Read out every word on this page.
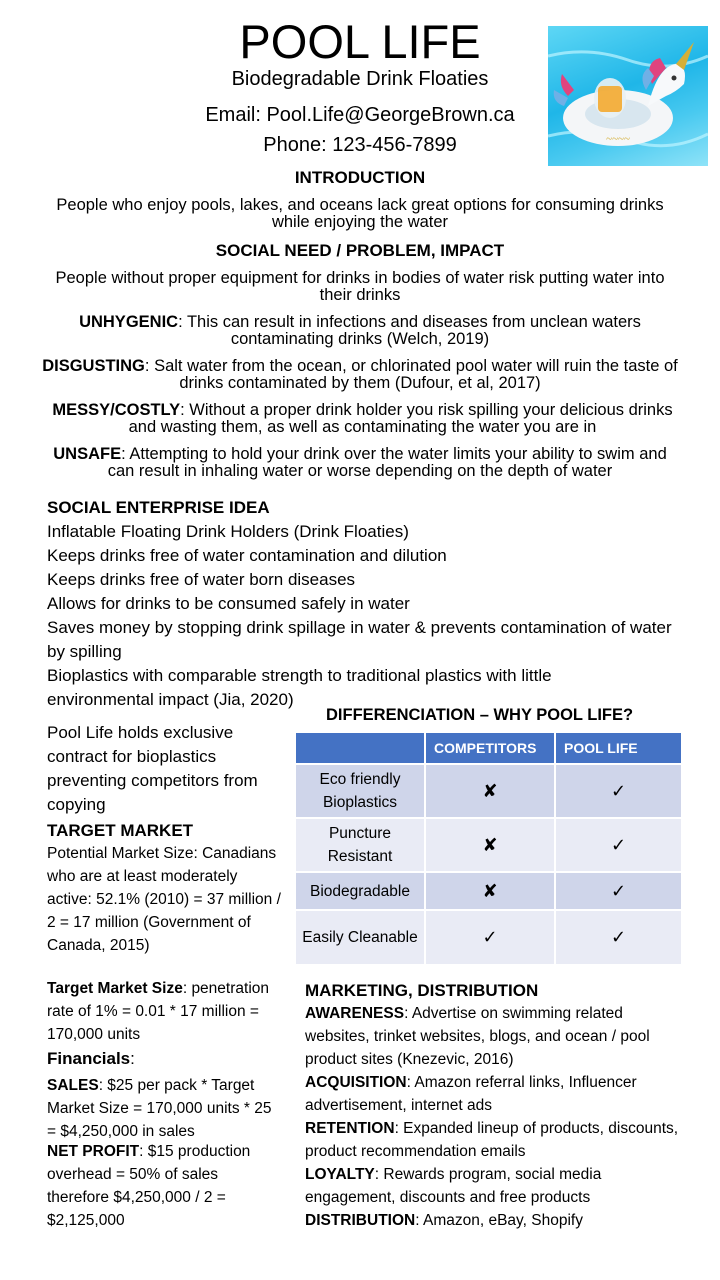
POOL LIFE
Biodegradable Drink Floaties
Email: Pool.Life@GeorgeBrown.ca
Phone: 123-456-7899	~~~~
INTRODUCTION
People who enjoy pools, lakes, and oceans lack great options for consuming drinks while enjoying the water
SOCIAL NEED / PROBLEM, IMPACT
People without proper equipment for drinks in bodies of water risk putting water into their drinks
UNHYGENIC: This can result in infections and diseases from unclean waters contaminating drinks (Welch, 2019)
DISGUSTING: Salt water from the ocean, or chlorinated pool water will ruin the taste of drinks contaminated by them (Dufour, et al, 2017)
MESSY/COSTLY: Without a proper drink holder you risk spilling your delicious drinks and wasting them, as well as contaminating the water you are in
UNSAFE: Attempting to hold your drink over the water limits your ability to swim and can result in inhaling water or worse depending on the depth of water
SOCIAL ENTERPRISE IDEA
Inflatable Floating Drink Holders (Drink Floaties)
Keeps drinks free of water contamination and dilution
Keeps drinks free of water born diseases
Allows for drinks to be consumed safely in water
Saves money by stopping drink spillage in water & prevents contamination of water by spilling
Bioplastics with comparable strength to traditional plastics with little environmental impact (Jia, 2020)
Pool Life holds exclusive contract for bioplastics preventing competitors from copying
TARGET MARKET
Potential Market Size: Canadians who are at least moderately active: 52.1% (2010) = 37 million / 2 = 17 million (Government of Canada, 2015)
Target Market Size: penetration rate of 1% = 0.01 * 17 million = 170,000 units
Financials:
SALES: $25 per pack * Target Market Size = 170,000 units * 25 = $4,250,000 in sales
NET PROFIT: $15 production overhead = 50% of sales therefore $4,250,000 / 2 = $2,125,000
DIFFERENCIATION – WHY POOL LIFE?
	COMPETITORS	POOL LIFE
Eco friendly Bioplastics	✘	✓
Puncture Resistant	✘	✓
Biodegradable	✘	✓
Easily Cleanable	✓	✓
MARKETING, DISTRIBUTION
AWARENESS: Advertise on swimming related websites, trinket websites, blogs, and ocean / pool product sites (Knezevic, 2016)
ACQUISITION: Amazon referral links, Influencer advertisement, internet ads
RETENTION: Expanded lineup of products, discounts, product recommendation emails
LOYALTY: Rewards program, social media engagement, discounts and free products
DISTRIBUTION: Amazon, eBay, Shopify
